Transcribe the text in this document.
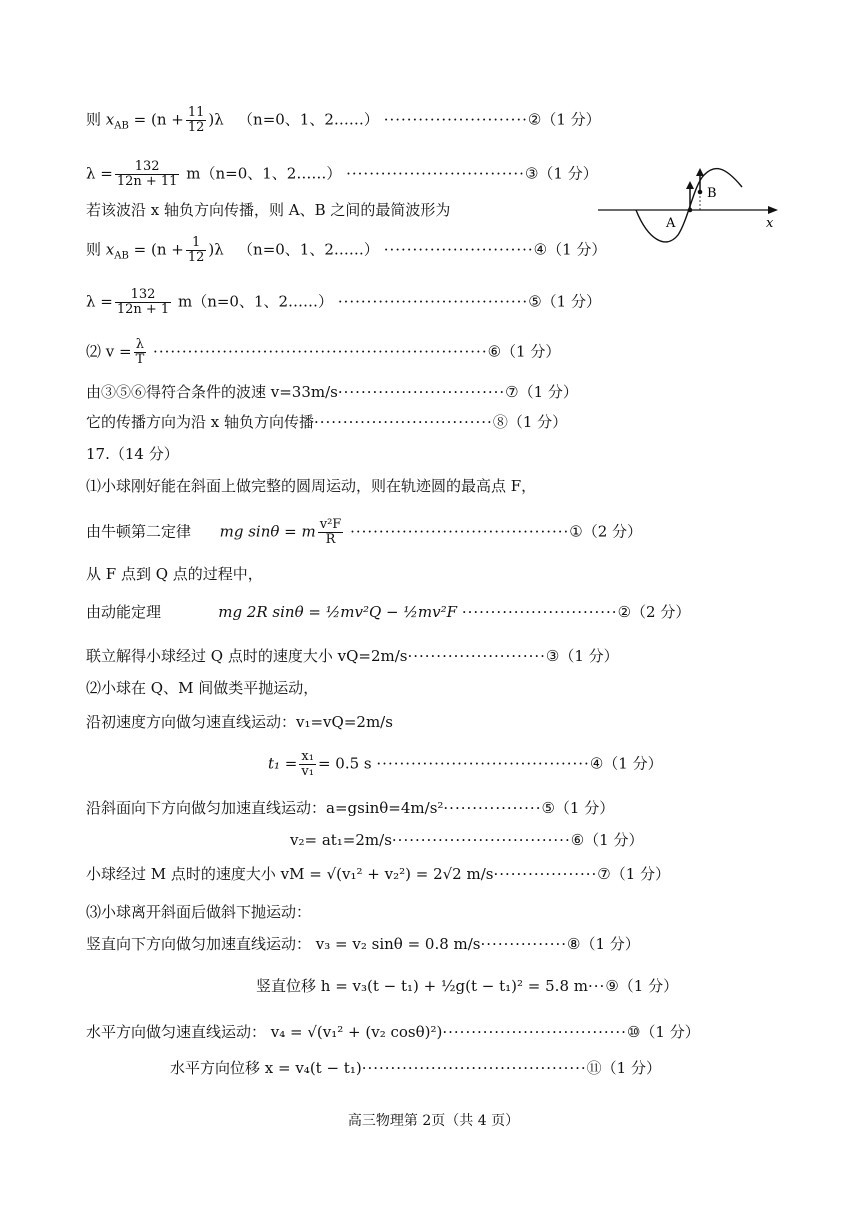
则 $x_{AB} = (n + \frac{11}{12} )\lambda$ （n=0、1、2……） ·························②（1 分）
$\lambda = \frac{132}{12n + 11} m(n=0$、1、2……） ·······························③（1 分）
若该波沿 x 轴负方向传播，则 A、B 之间的最简波形为
x
A
B
则 $x_{AB} = (n + \frac{1}{12} )\lambda$ （n=0、1、2……） ··························④（1 分）
$\lambda = \frac{132}{12n + 1} m(n=0$、1、2……） ·································⑤（1 分）
⑵ $v = \frac{\lambda}{T}$ ··························································⑥（1 分）
由③⑤⑥得符合条件的波速 v=33m/s·····························⑦（1 分）
它的传播方向为沿 x 轴负方向传播·······························⑧（1 分）
17.（14 分）
⑴小球刚好能在斜面上做完整的圆周运动，则在轨迹圆的最高点 F，
由牛顿第二定律 mg sinθ = m $\frac{\text{v²F}}{R}$ ······································①（2 分）
从 F 点到 Q 点的过程中，
由动能定理	mg 2R sinθ = ½mv²Q − ½mv²F ···························②（2 分）
联立解得小球经过 Q 点时的速度大小 vQ=2m/s························③（1 分）
⑵小球在 Q、M 间做类平抛运动，
沿初速度方向做匀速直线运动：v₁=vQ=2m/s
$t_1 = \frac{\text{x₁}}{\text{v₁}} = 0.5$ s ·····································④（1 分）
沿斜面向下方向做匀加速直线运动：a=gsinθ=4m/s²·················⑤（1 分）
v₂= at₁=2m/s·······························⑥（1 分）
小球经过 M 点时的速度大小 vM = √(v₁² + v₂²) = 2√2 m/s··················⑦（1 分）
⑶小球离开斜面后做斜下抛运动：
竖直向下方向做匀加速直线运动： v₃ = v₂ sinθ = 0.8 m/s···············⑧（1 分）
竖直位移 h = v₃(t − t₁) + ½g(t − t₁)² = 5.8 m···⑨（1 分）
水平方向做匀速直线运动： v₄ = √(v₁² + (v₂ cosθ)²)································⑩（1 分）
水平方向位移 x = v₄(t − t₁)·······································⑪（1 分）
高三物理第 2页（共 4 页）
